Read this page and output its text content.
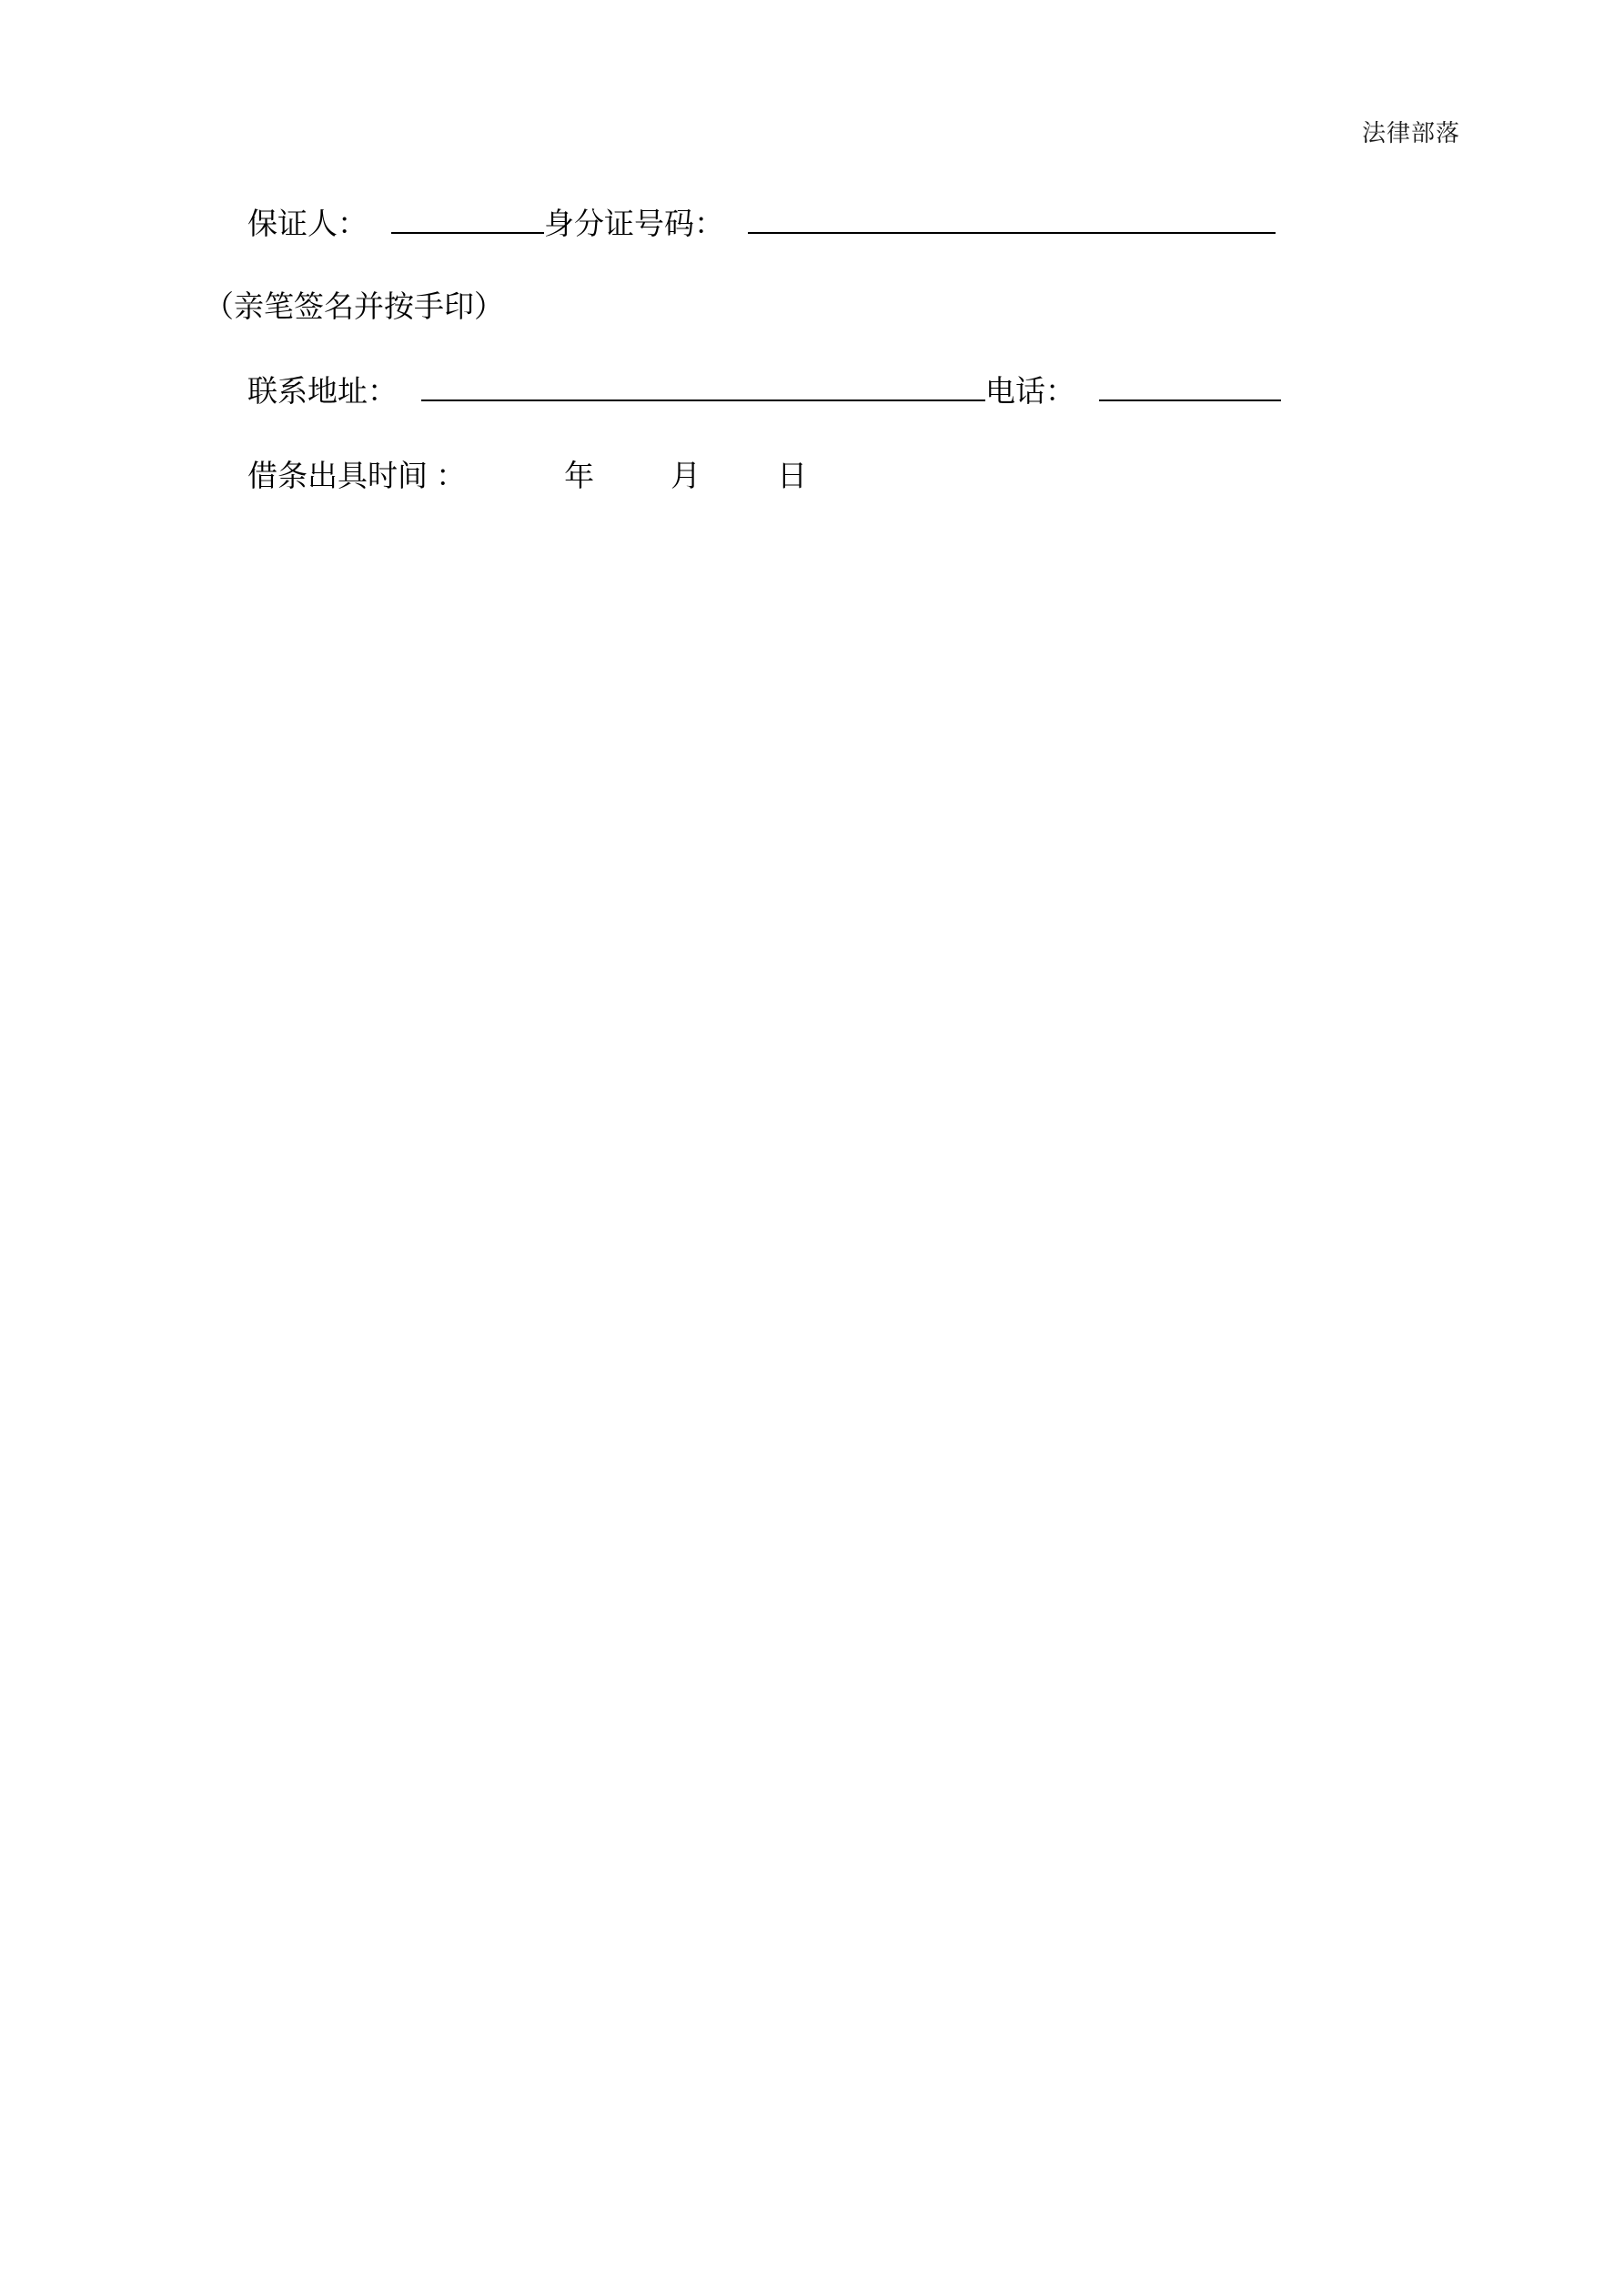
法律部落
保证人：	身分证号码：
（亲笔签名并按手印）
联系地址：	电话：
借条出具时间 ：	年	月	日
